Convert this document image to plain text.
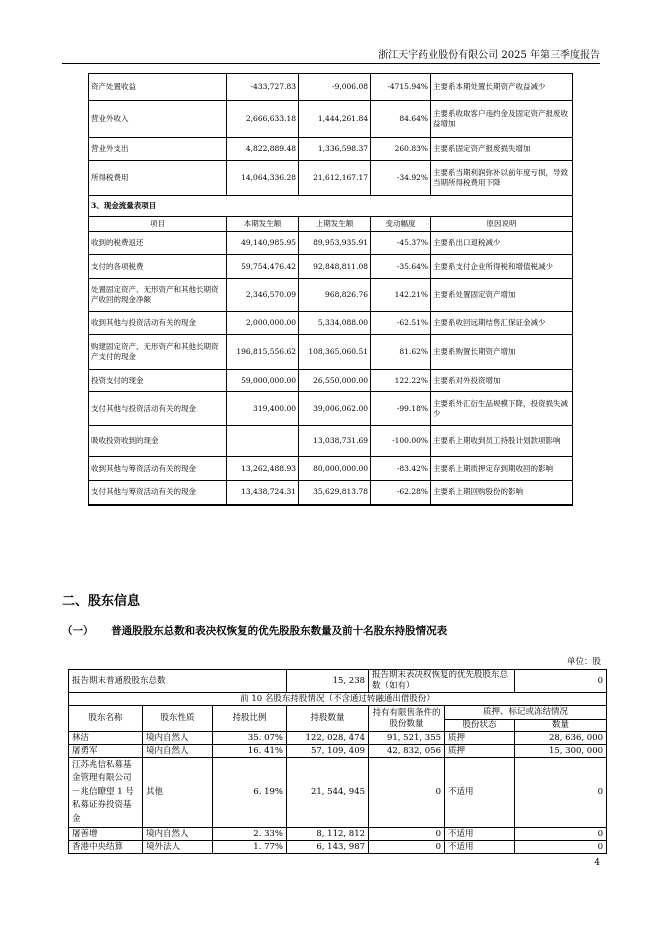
浙江天宇药业股份有限公司 2025 年第三季度报告
资产处置收益	-433,727.83	-9,006.08	-4715.94%	主要系本期处置长期资产收益减少
营业外收入	2,666,633.18	1,444,261.84	84.64%	主要系收取客户违约金及固定资产报废收益增加
营业外支出	4,822,889.48	1,336,598.37	260.83%	主要系固定资产报废损失增加
所得税费用	14,064,336.28	21,612,167.17	-34.92%	主要系当期利润弥补以前年度亏损，导致当期所得税费用下降
3、现金流量表项目				
项目	本期发生额	上期发生额	变动幅度	原因说明
收到的税费返还	49,140,985.95	89,953,935.91	-45.37%	主要系出口退税减少
支付的各项税费	59,754,476.42	92,848,811.08	-35.64%	主要系支付企业所得税和增值税减少
处置固定资产、无形资产和其他长期资产收回的现金净额	2,346,570.09	968,826.76	142.21%	主要系处置固定资产增加
收到其他与投资活动有关的现金	2,000,000.00	5,334,088.00	-62.51%	主要系收回远期结售汇保证金减少
购建固定资产、无形资产和其他长期资产支付的现金	196,815,556.62	108,365,060.51	81.62%	主要系购置长期资产增加
投资支付的现金	59,000,000.00	26,550,000.00	122.22%	主要系对外投资增加
支付其他与投资活动有关的现金	319,400.00	39,006,062.00	-99.18%	主要系外汇衍生品规模下降，投资损失减少
吸收投资收到的现金		13,038,731.69	-100.00%	主要系上期收到员工持股计划款项影响
收到其他与筹资活动有关的现金	13,262,488.93	80,000,000.00	-83.42%	主要系上期质押定存到期收回的影响
支付其他与筹资活动有关的现金	13,438,724.31	35,629,813.78	-62.28%	主要系上期回购股份的影响
二、股东信息
（一） 普通股股东总数和表决权恢复的优先股股东数量及前十名股东持股情况表
单位：股
报告期末普通股股东总数			15, 238	报告期末表决权恢复的优先股股东总数（如有）		0
前 10 名股东持股情况（不含通过转融通出借股份）						
股东名称	股东性质	持股比例	持股数量	持有有限售条件的股份数量	质押、标记或冻结情况	
					股份状态	数量
林洁	境内自然人	35. 07%	122, 028, 474	91, 521, 355	质押	28, 636, 000
屠勇军	境内自然人	16. 41%	57, 109, 409	42, 832, 056	质押	15, 300, 000
江苏兆信私募基金管理有限公司－兆信瞭望 1 号私募证券投资基金	其他	6. 19%	21, 544, 945	0	不适用	0
屠善增	境内自然人	2. 33%	8, 112, 812	0	不适用	0
香港中央结算	境外法人	1. 77%	6, 143, 987	0	不适用	0
4
